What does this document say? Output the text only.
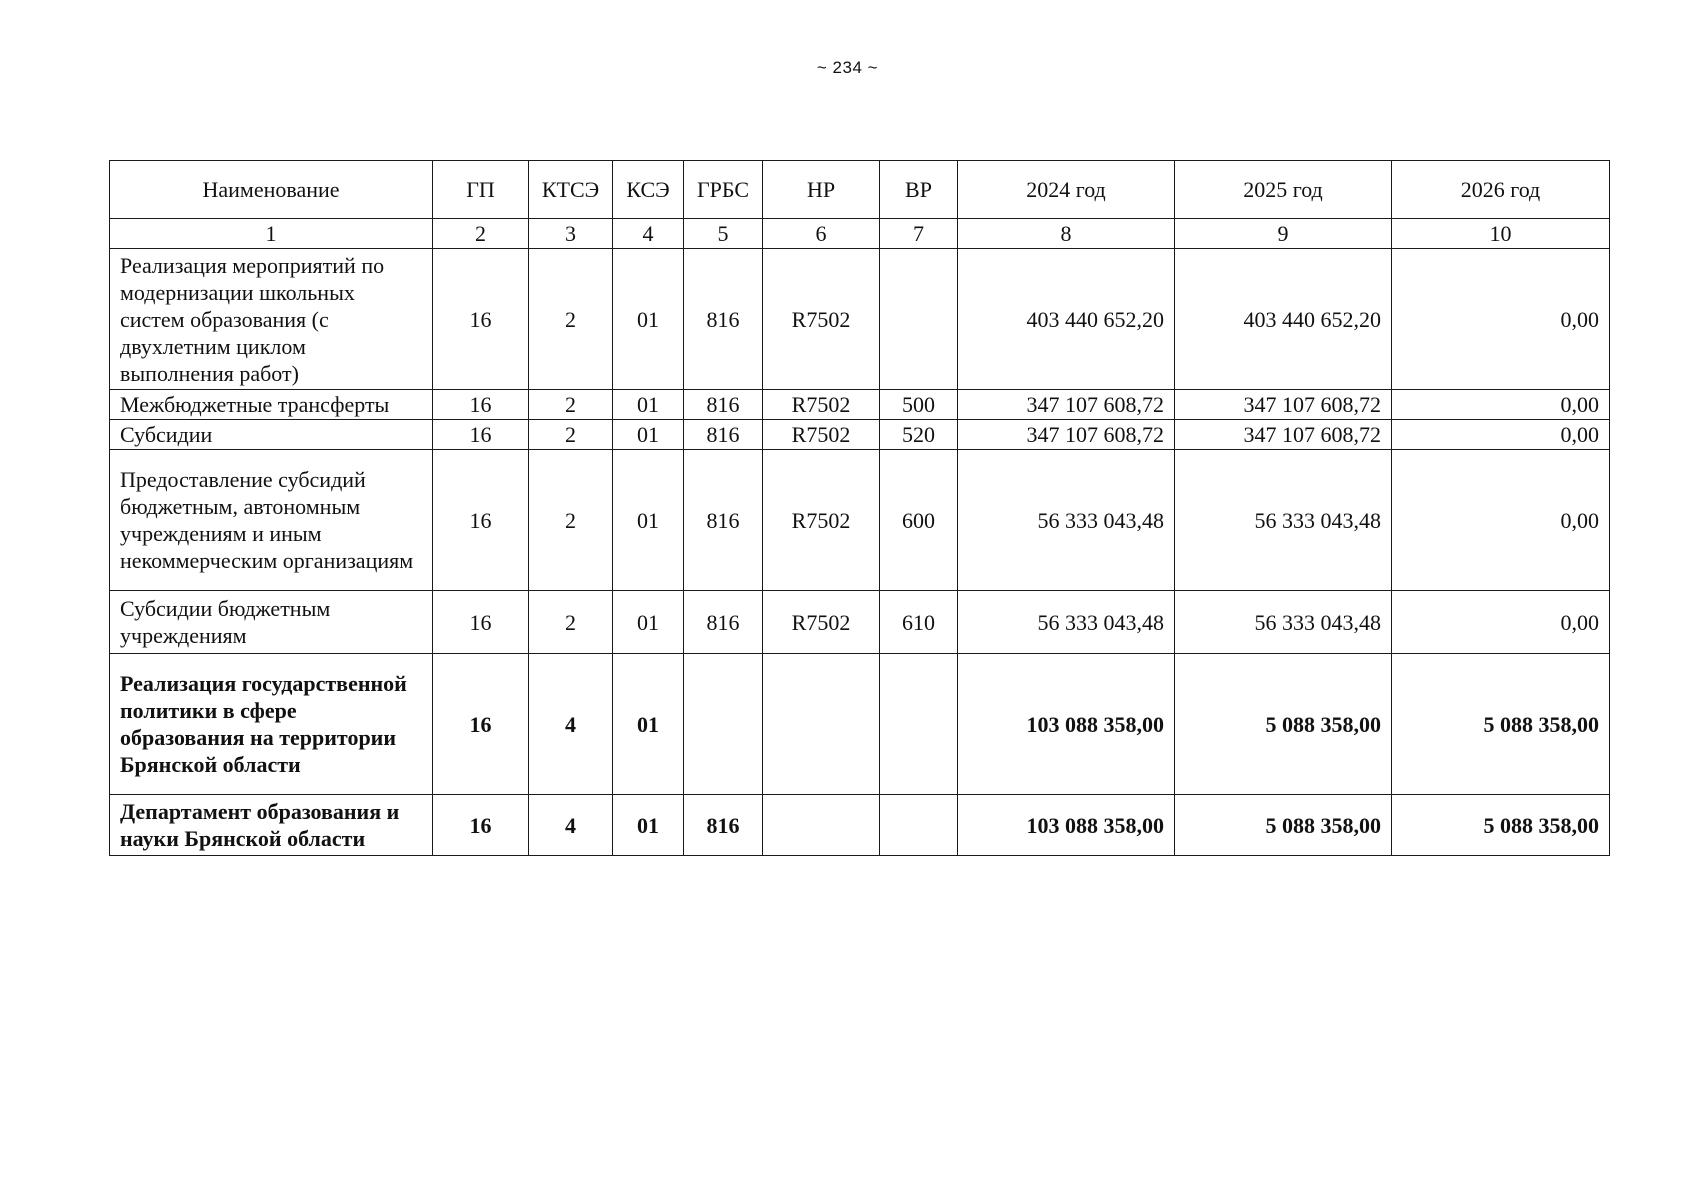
~ 234 ~
Наименование	ГП	КТСЭ	КСЭ	ГРБС	НР	ВР	2024 год	2025 год	2026 год
1	2	3	4	5	6	7	8	9	10
Реализация мероприятий по модернизации школьных систем образования (с двухлетним циклом выполнения работ)	16	2	01	816	R7502		403 440 652,20	403 440 652,20	0,00
Межбюджетные трансферты	16	2	01	816	R7502	500	347 107 608,72	347 107 608,72	0,00
Субсидии	16	2	01	816	R7502	520	347 107 608,72	347 107 608,72	0,00
Предоставление субсидий бюджетным, автономным учреждениям и иным некоммерческим организациям	16	2	01	816	R7502	600	56 333 043,48	56 333 043,48	0,00
Субсидии бюджетным учреждениям	16	2	01	816	R7502	610	56 333 043,48	56 333 043,48	0,00
Реализация государственной политики в сфере образования на территории Брянской области	16	4	01				103 088 358,00	5 088 358,00	5 088 358,00
Департамент образования и науки Брянской области	16	4	01	816			103 088 358,00	5 088 358,00	5 088 358,00
